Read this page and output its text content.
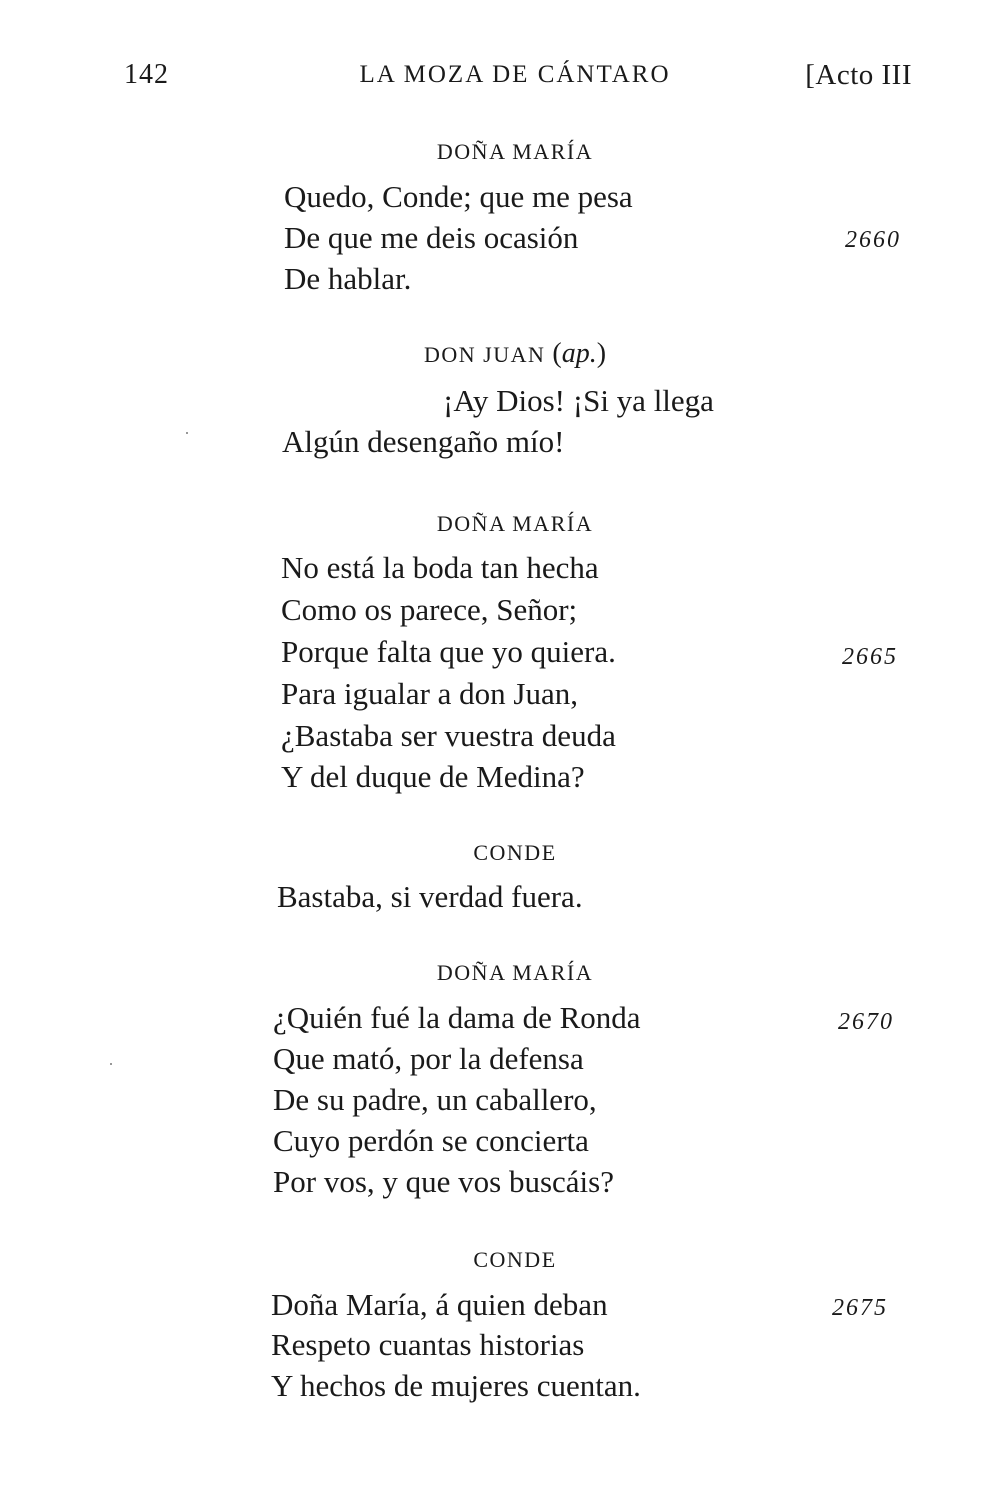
142	LA MOZA DE CÁNTARO	[Acto III
DOÑA MARÍA
Quedo, Conde; que me pesa
De que me deis ocasión	2660
De hablar.
DON JUAN (ap.)
¡Ay Dios! ¡Si ya llega
Algún desengaño mío!
DOÑA MARÍA
No está la boda tan hecha
Como os parece, Señor;
Porque falta que yo quiera.	2665
Para igualar a don Juan,
¿Bastaba ser vuestra deuda
Y del duque de Medina?
CONDE
Bastaba, si verdad fuera.
DOÑA MARÍA
¿Quién fué la dama de Ronda	2670
Que mató, por la defensa
De su padre, un caballero,
Cuyo perdón se concierta
Por vos, y que vos buscáis?
CONDE
Doña María, á quien deban	2675
Respeto cuantas historias
Y hechos de mujeres cuentan.
